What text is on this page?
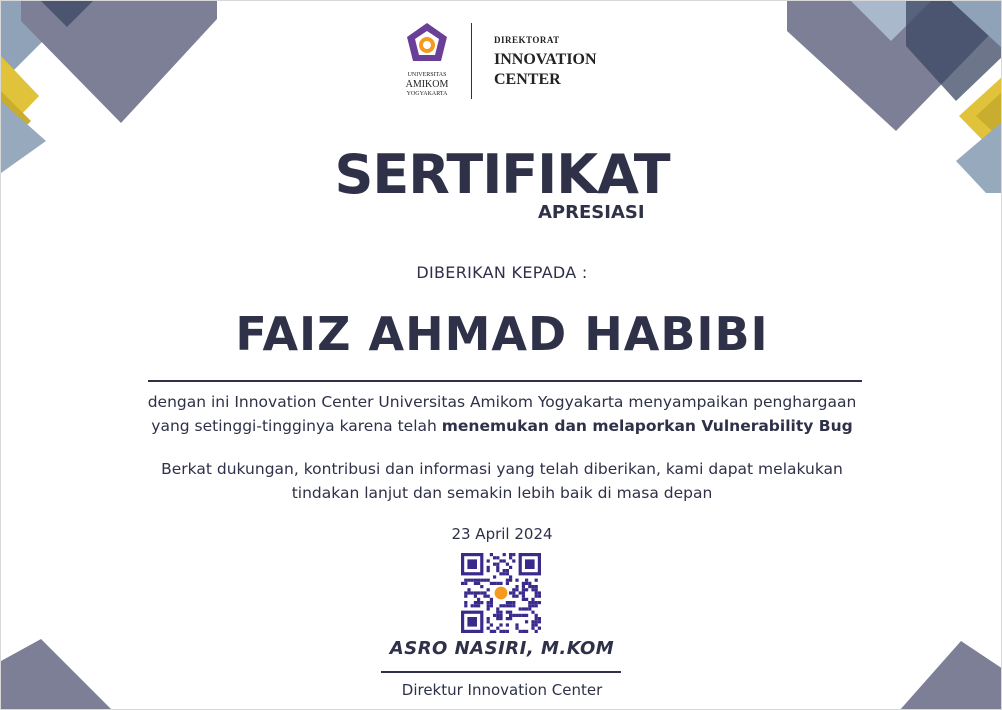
UNIVERSITAS
AMIKOM
YOGYAKARTA
DIREKTORAT
INNOVATION
CENTER
SERTIFIKAT
APRESIASI
DIBERIKAN KEPADA :
FAIZ AHMAD HABIBI
dengan ini Innovation Center Universitas Amikom Yogyakarta menyampaikan penghargaan
yang setinggi-tingginya karena telah menemukan dan melaporkan Vulnerability Bug
Berkat dukungan, kontribusi dan informasi yang telah diberikan, kami dapat melakukan
tindakan lanjut dan semakin lebih baik di masa depan
23 April 2024
ASRO NASIRI, M.KOM
Direktur Innovation Center
